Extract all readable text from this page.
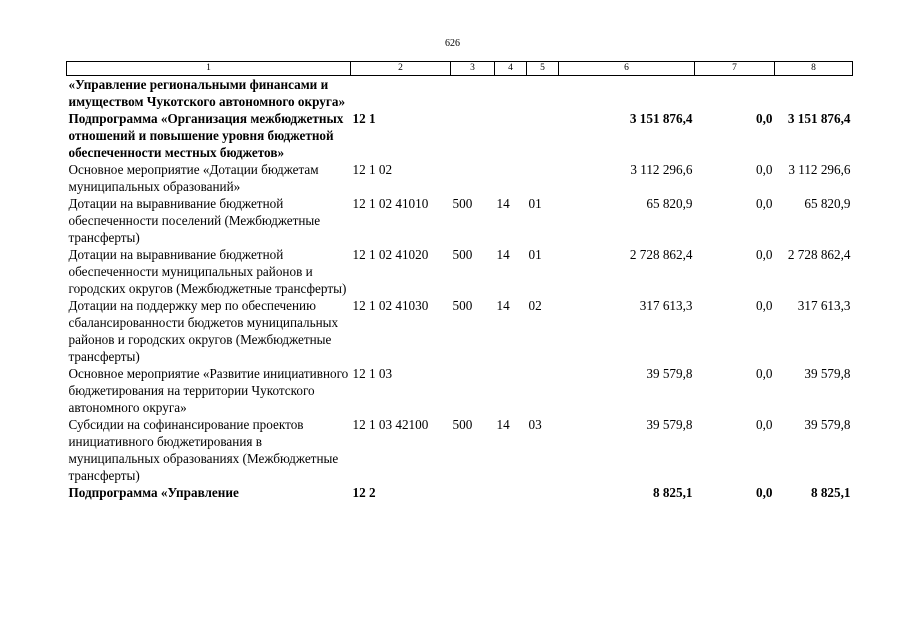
626
1	2	3	4	5	6	7	8
«Управление региональными финансами и имуществом Чукотского автономного округа»							
Подпрограмма «Организация межбюджетных отношений и повышение уровня бюджетной обеспеченности местных бюджетов»	12 1				3 151 876,4	0,0	3 151 876,4
Основное мероприятие «Дотации бюджетам муниципальных образований»	12 1 02				3 112 296,6	0,0	3 112 296,6
Дотации на выравнивание бюджетной обеспеченности поселений (Межбюджетные трансферты)	12 1 02 41010	500	14	01	65 820,9	0,0	65 820,9
Дотации на выравнивание бюджетной обеспеченности муниципальных районов и городских округов (Межбюджетные трансферты)	12 1 02 41020	500	14	01	2 728 862,4	0,0	2 728 862,4
Дотации на поддержку мер по обеспечению сбалансированности бюджетов муниципальных районов и городских округов (Межбюджетные трансферты)	12 1 02 41030	500	14	02	317 613,3	0,0	317 613,3
Основное мероприятие «Развитие инициативного бюджетирования на территории Чукотского автономного округа»	12 1 03				39 579,8	0,0	39 579,8
Субсидии на софинансирование проектов инициативного бюджетирования в муниципальных образованиях (Межбюджетные трансферты)	12 1 03 42100	500	14	03	39 579,8	0,0	39 579,8
Подпрограмма «Управление	12 2				8 825,1	0,0	8 825,1
